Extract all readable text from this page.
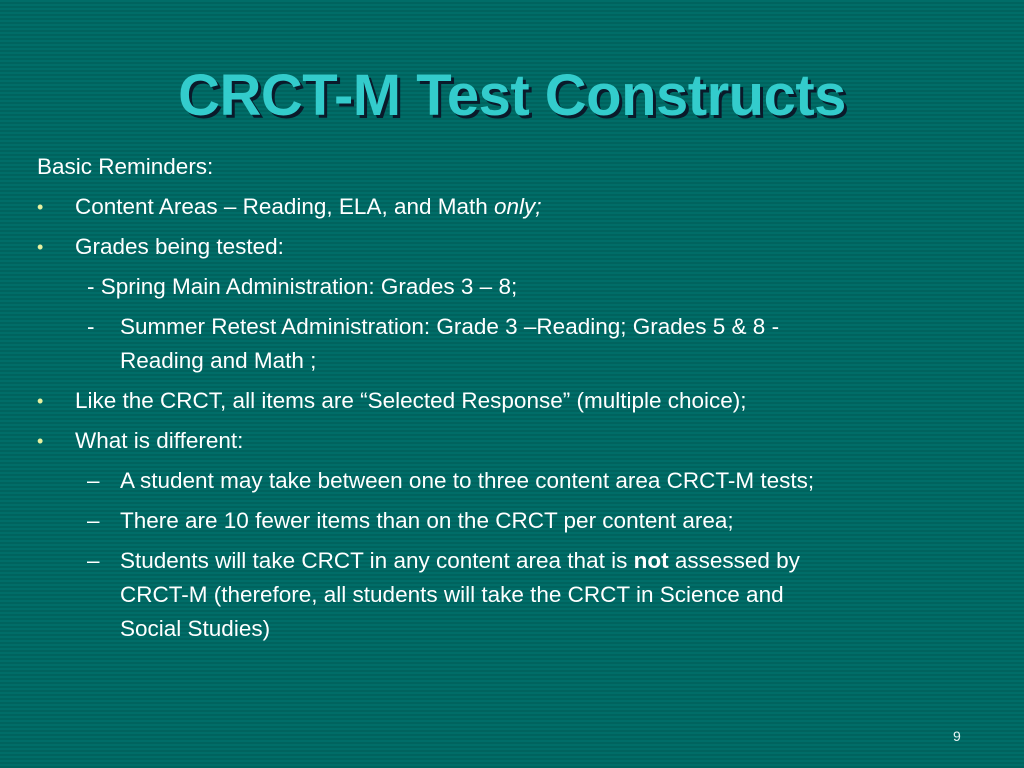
CRCT-M Test Constructs
Basic Reminders:
• Content Areas – Reading, ELA, and Math only;
• Grades being tested:
- Spring Main Administration: Grades 3 – 8;
- Summer Retest Administration: Grade 3 –Reading; Grades 5 & 8 -
Reading and Math ;
• Like the CRCT, all items are “Selected Response” (multiple choice);
• What is different:
– A student may take between one to three content area CRCT-M tests;
– There are 10 fewer items than on the CRCT per content area;
– Students will take CRCT in any content area that is not assessed by
CRCT-M (therefore, all students will take the CRCT in Science and
Social Studies)
9
